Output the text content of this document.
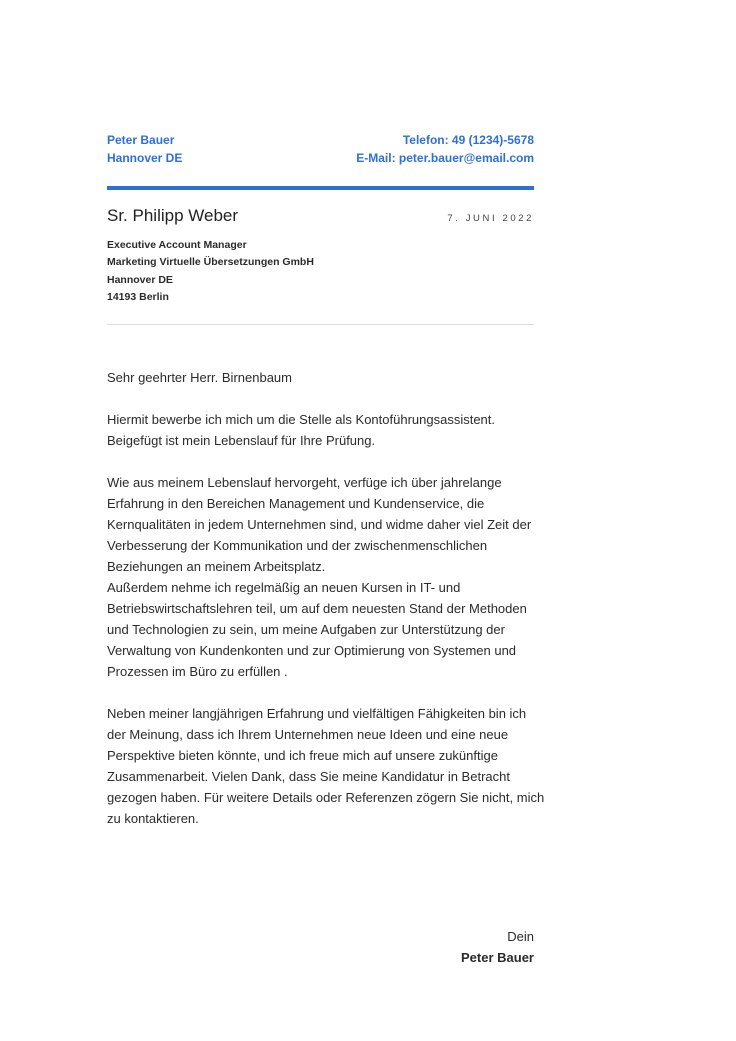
Peter Bauer
Hannover DE
Telefon: 49 (1234)-5678
E-Mail: peter.bauer@email.com
Sr. Philipp Weber	7. JUNI 2022
Executive Account Manager
Marketing Virtuelle Übersetzungen GmbH
Hannover DE
14193 Berlin

Sehr geehrter Herr. Birnenbaum

Hiermit bewerbe ich mich um die Stelle als Kontoführungsassistent.
Beigefügt ist mein Lebenslauf für Ihre Prüfung.

Wie aus meinem Lebenslauf hervorgeht, verfüge ich über jahrelange
Erfahrung in den Bereichen Management und Kundenservice, die
Kernqualitäten in jedem Unternehmen sind, und widme daher viel Zeit der
Verbesserung der Kommunikation und der zwischenmenschlichen
Beziehungen an meinem Arbeitsplatz.
Außerdem nehme ich regelmäßig an neuen Kursen in IT- und
Betriebswirtschaftslehren teil, um auf dem neuesten Stand der Methoden
und Technologien zu sein, um meine Aufgaben zur Unterstützung der
Verwaltung von Kundenkonten und zur Optimierung von Systemen und
Prozessen im Büro zu erfüllen .

Neben meiner langjährigen Erfahrung und vielfältigen Fähigkeiten bin ich
der Meinung, dass ich Ihrem Unternehmen neue Ideen und eine neue
Perspektive bieten könnte, und ich freue mich auf unsere zukünftige
Zusammenarbeit. Vielen Dank, dass Sie meine Kandidatur in Betracht
gezogen haben. Für weitere Details oder Referenzen zögern Sie nicht, mich
zu kontaktieren.

Dein
Peter Bauer
